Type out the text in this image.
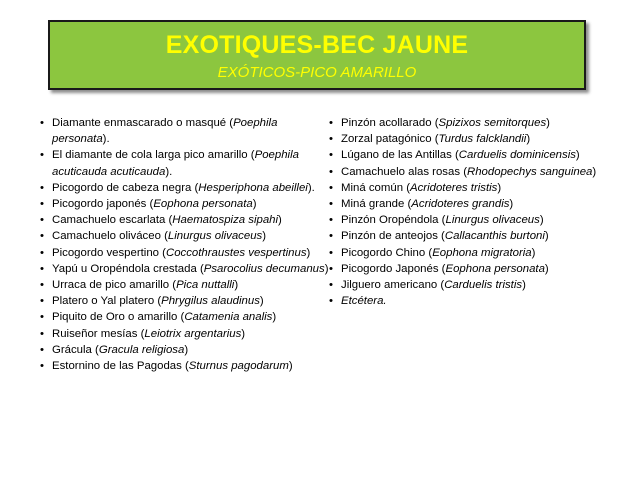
EXOTIQUES-BEC JAUNE
EXÓTICOS-PICO AMARILLO
• Diamante enmascarado o masqué (Poephila personata).
• El diamante de cola larga pico amarillo (Poephila acuticauda acuticauda).
• Picogordo de cabeza negra (Hesperiphona abeillei).
• Picogordo japonés (Eophona personata)
• Camachuelo escarlata (Haematospiza sipahi)
• Camachuelo oliváceo (Linurgus olivaceus)
• Picogordo vespertino (Coccothraustes vespertinus)
• Yapú u Oropéndola crestada (Psarocolius decumanus)
• Urraca de pico amarillo (Pica nuttalli)
• Platero o Yal platero (Phrygilus alaudinus)
• Piquito de Oro o amarillo (Catamenia analis)
• Ruiseñor mesías (Leiotrix argentarius)
• Grácula (Gracula religiosa)
• Estornino de las Pagodas (Sturnus pagodarum)
• Pinzón acollarado (Spizixos semitorques)
• Zorzal patagónico (Turdus falcklandii)
• Lúgano de las Antillas (Carduelis dominicensis)
• Camachuelo alas rosas (Rhodopechys sanguinea)
• Miná común (Acridoteres tristis)
• Miná grande (Acridoteres grandis)
• Pinzón Oropéndola (Linurgus olivaceus)
• Pinzón de anteojos (Callacanthis burtoni)
• Picogordo Chino (Eophona migratoria)
• Picogordo Japonés (Eophona personata)
• Jilguero americano (Carduelis tristis)
• Etcétera.
